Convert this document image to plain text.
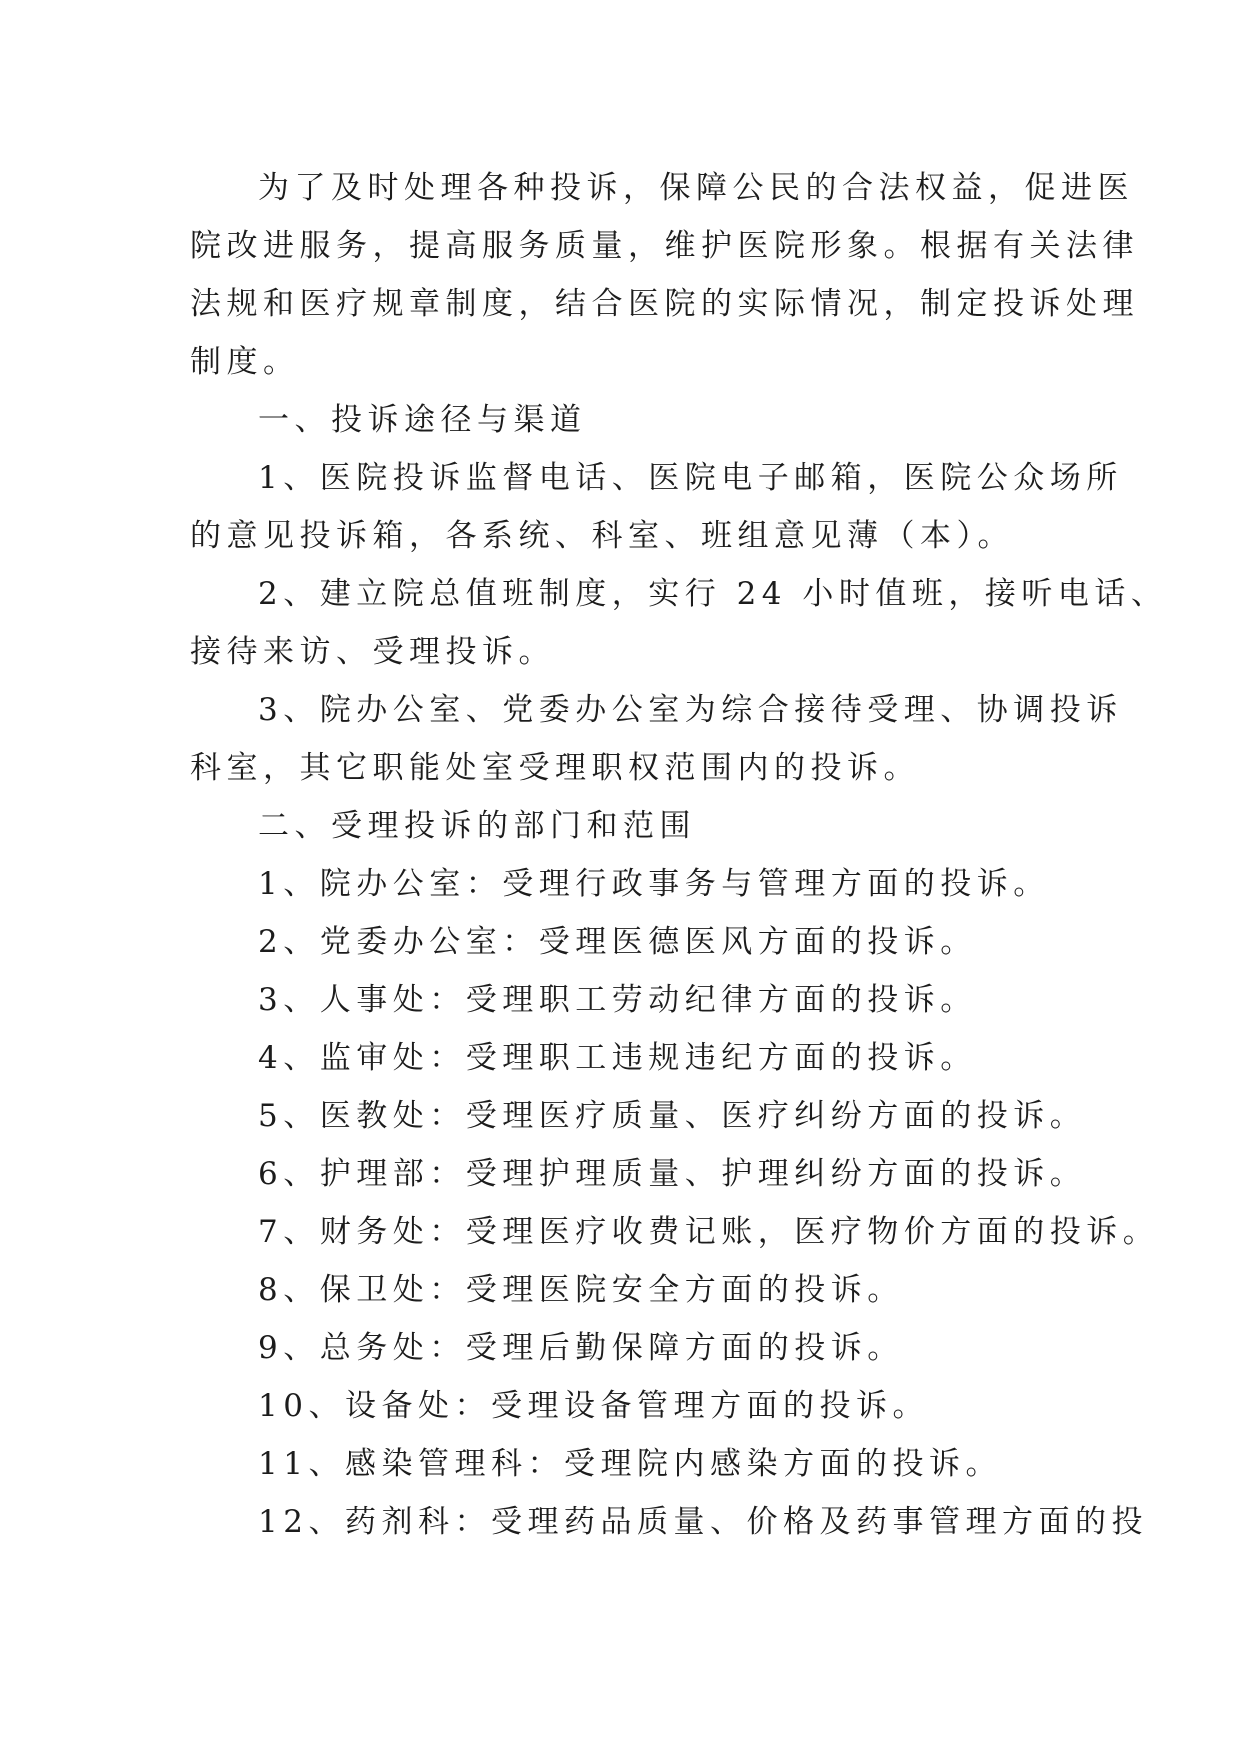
为了及时处理各种投诉，保障公民的合法权益，促进医
院改进服务，提高服务质量，维护医院形象。根据有关法律
法规和医疗规章制度，结合医院的实际情况，制定投诉处理
制度。
一、投诉途径与渠道
1、医院投诉监督电话、医院电子邮箱，医院公众场所
的意见投诉箱，各系统、科室、班组意见薄（本）。
2、建立院总值班制度，实行 24 小时值班，接听电话、
接待来访、受理投诉。
3、院办公室、党委办公室为综合接待受理、协调投诉
科室，其它职能处室受理职权范围内的投诉。
二、受理投诉的部门和范围
1、院办公室：受理行政事务与管理方面的投诉。
2、党委办公室：受理医德医风方面的投诉。
3、人事处：受理职工劳动纪律方面的投诉。
4、监审处：受理职工违规违纪方面的投诉。
5、医教处：受理医疗质量、医疗纠纷方面的投诉。
6、护理部：受理护理质量、护理纠纷方面的投诉。
7、财务处：受理医疗收费记账，医疗物价方面的投诉。
8、保卫处：受理医院安全方面的投诉。
9、总务处：受理后勤保障方面的投诉。
10、设备处：受理设备管理方面的投诉。
11、感染管理科：受理院内感染方面的投诉。
12、药剂科：受理药品质量、价格及药事管理方面的投
